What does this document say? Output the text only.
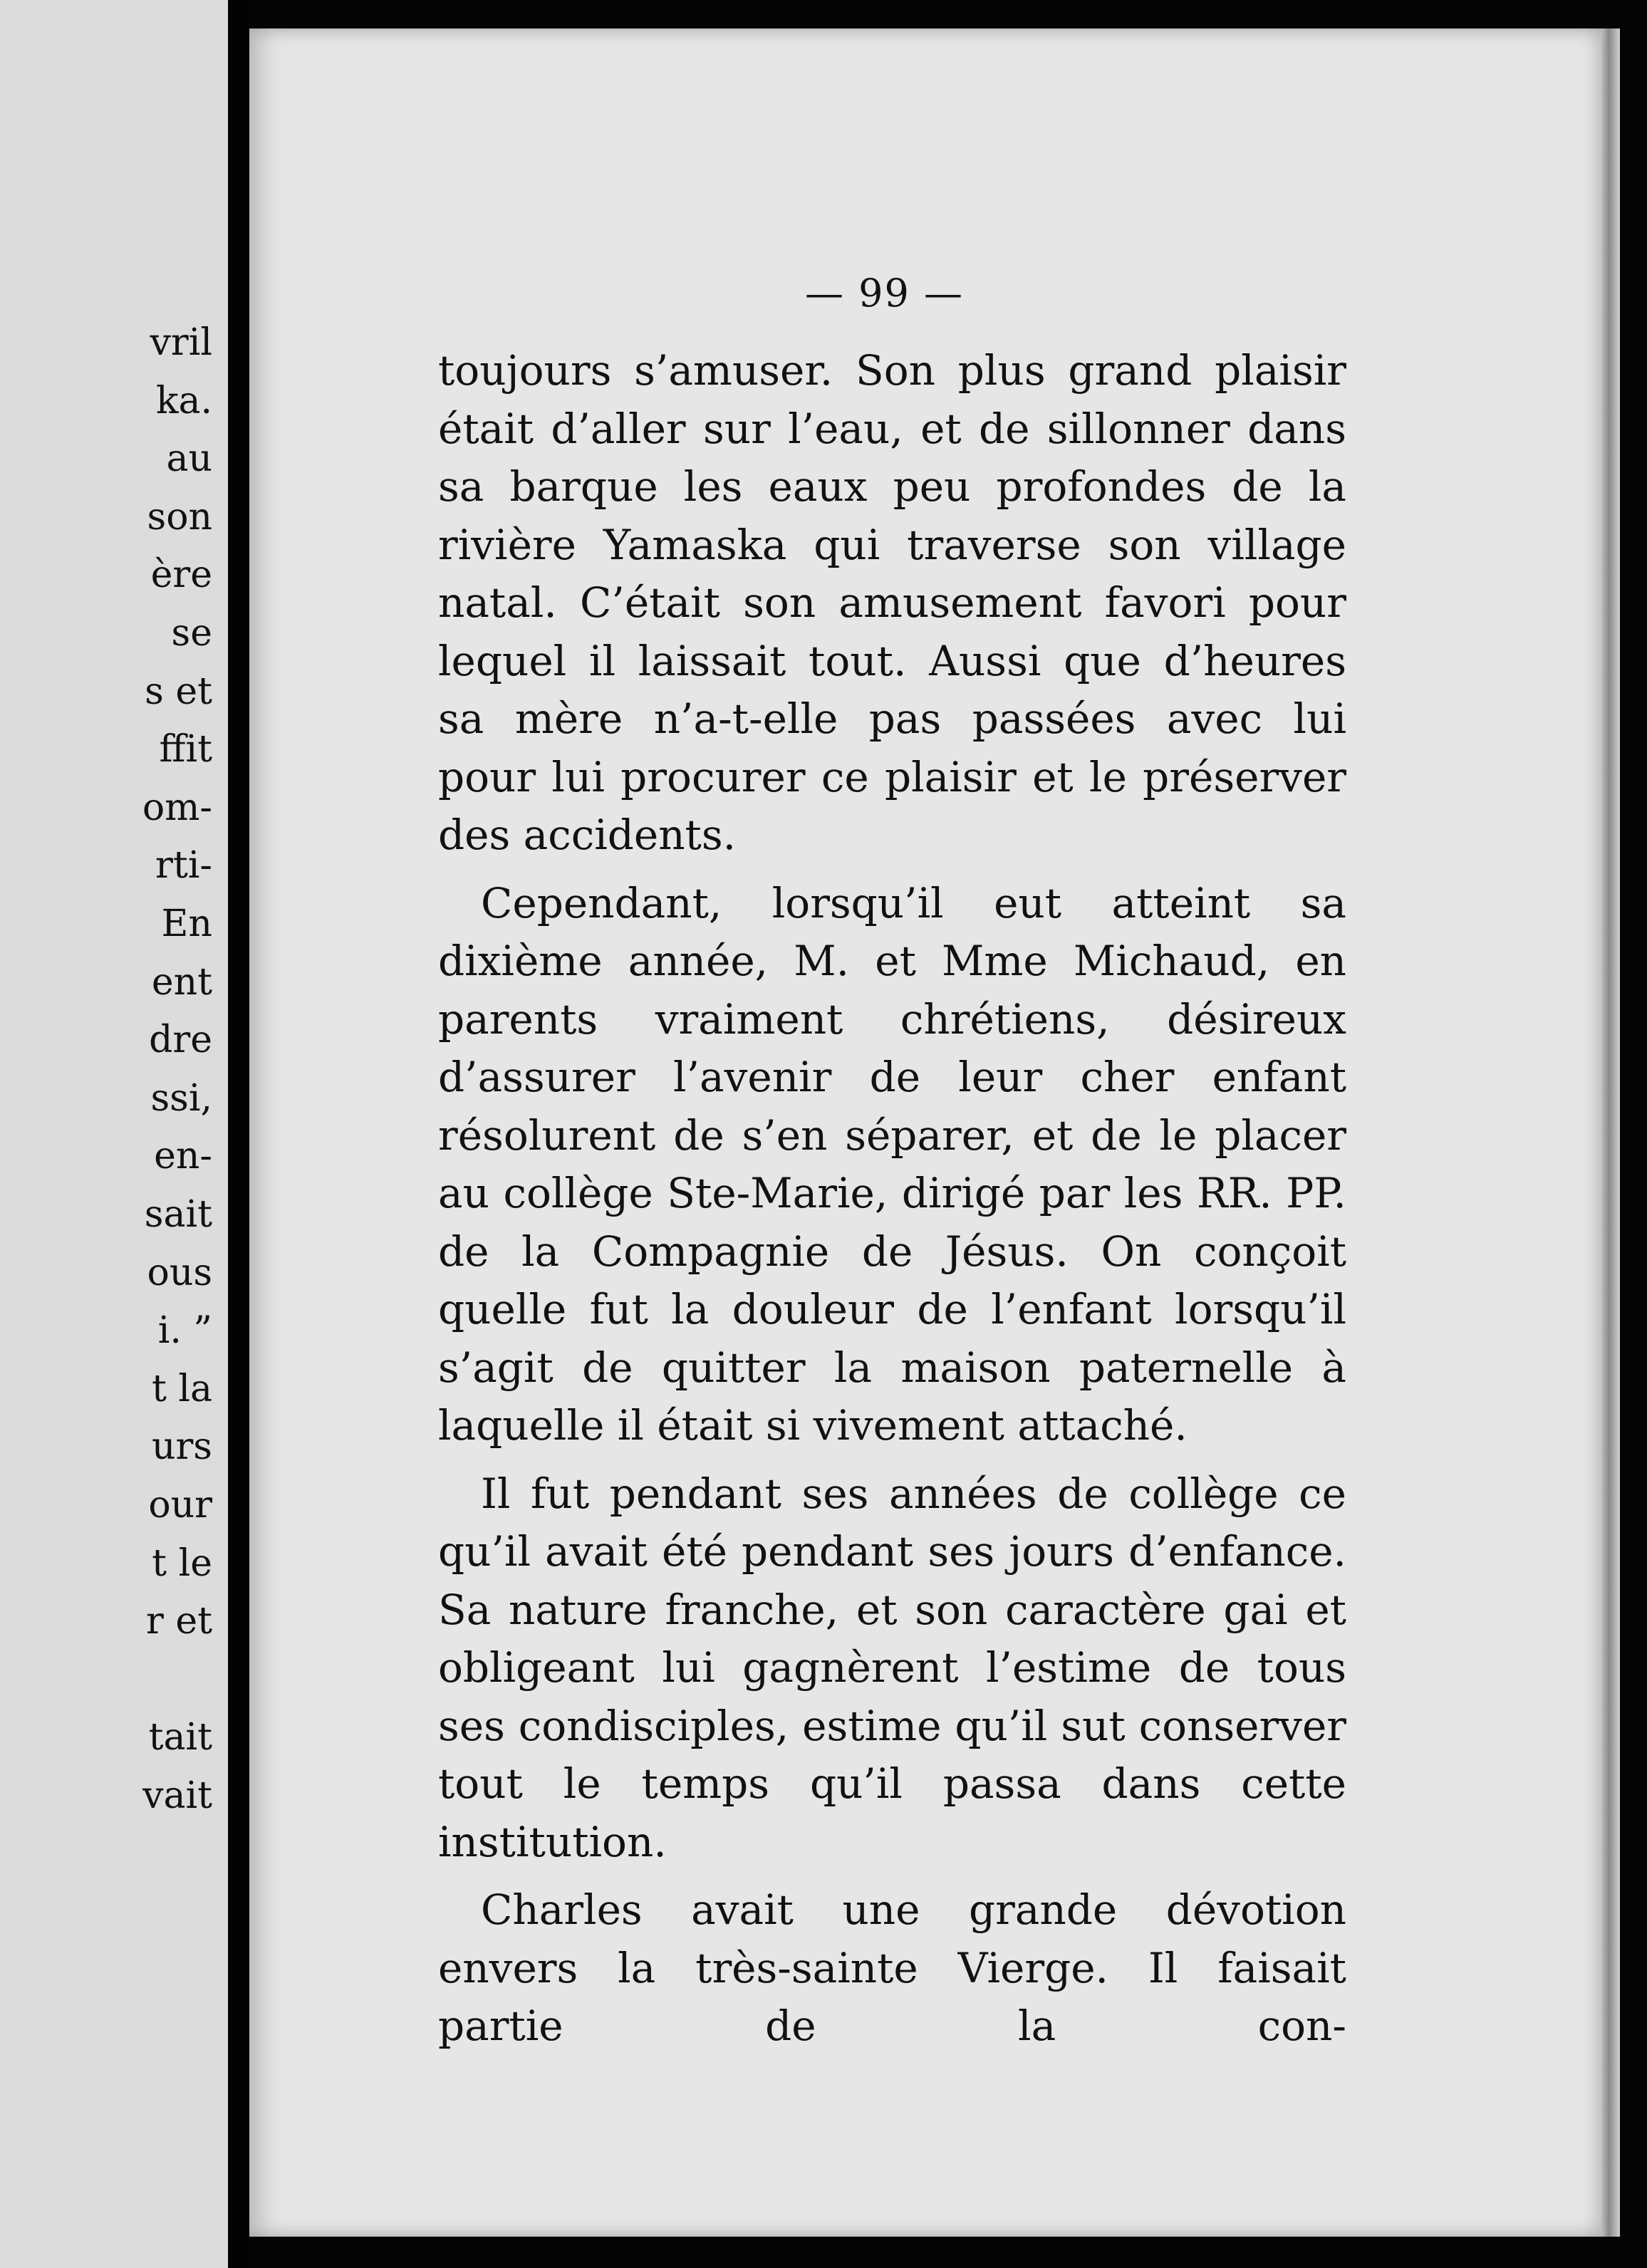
vril
ka.
au
son
ère
se
s et
ffit
om-
rti-
En
ent
dre
ssi,
en-
sait
ous
i. ”
t la
urs
our
t le
r et
tait
vait
— 99 —

toujours s’amuser. Son plus grand plaisir était d’aller sur l’eau, et de sillonner dans sa barque les eaux peu profondes de la rivière Yamaska qui traverse son village natal. C’était son amusement favori pour lequel il laissait tout. Aussi que d’heures sa mère n’a-t-elle pas passées avec lui pour lui procurer ce plaisir et le préserver des accidents.

Cependant, lorsqu’il eut atteint sa dixième année, M. et Mme Michaud, en parents vraiment chrétiens, désireux d’assurer l’avenir de leur cher enfant résolurent de s’en séparer, et de le placer au collège Ste-Marie, dirigé par les RR. PP. de la Compagnie de Jésus. On conçoit quelle fut la douleur de l’enfant lorsqu’il s’agit de quitter la maison paternelle à laquelle il était si vivement attaché.

Il fut pendant ses années de collège ce qu’il avait été pendant ses jours d’enfance. Sa nature franche, et son caractère gai et obligeant lui gagnèrent l’estime de tous ses condisciples, estime qu’il sut conserver tout le temps qu’il passa dans cette institution.

Charles avait une grande dévotion envers la très-sainte Vierge. Il faisait partie de la con-
